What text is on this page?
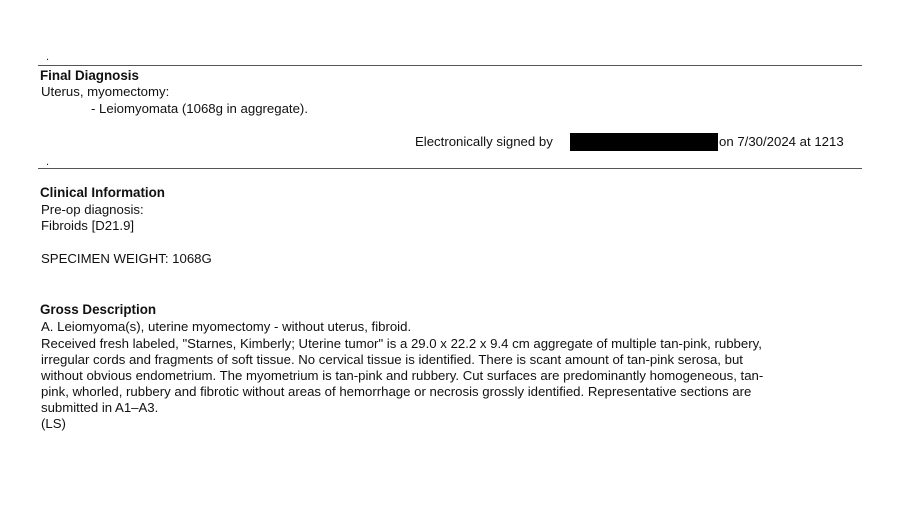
.
Final Diagnosis
Uterus, myomectomy:
- Leiomyomata (1068g in aggregate).
Electronically signed by	on 7/30/2024 at 1213
.
Clinical Information
Pre-op diagnosis:
Fibroids [D21.9]
SPECIMEN WEIGHT: 1068G
Gross Description
A. Leiomyoma(s), uterine myomectomy - without uterus, fibroid.
Received fresh labeled, "Starnes, Kimberly; Uterine tumor" is a 29.0 x 22.2 x 9.4 cm aggregate of multiple tan-pink, rubbery,
irregular cords and fragments of soft tissue. No cervical tissue is identified. There is scant amount of tan-pink serosa, but
without obvious endometrium. The myometrium is tan-pink and rubbery. Cut surfaces are predominantly homogeneous, tan-
pink, whorled, rubbery and fibrotic without areas of hemorrhage or necrosis grossly identified. Representative sections are
submitted in A1–A3.
(LS)
